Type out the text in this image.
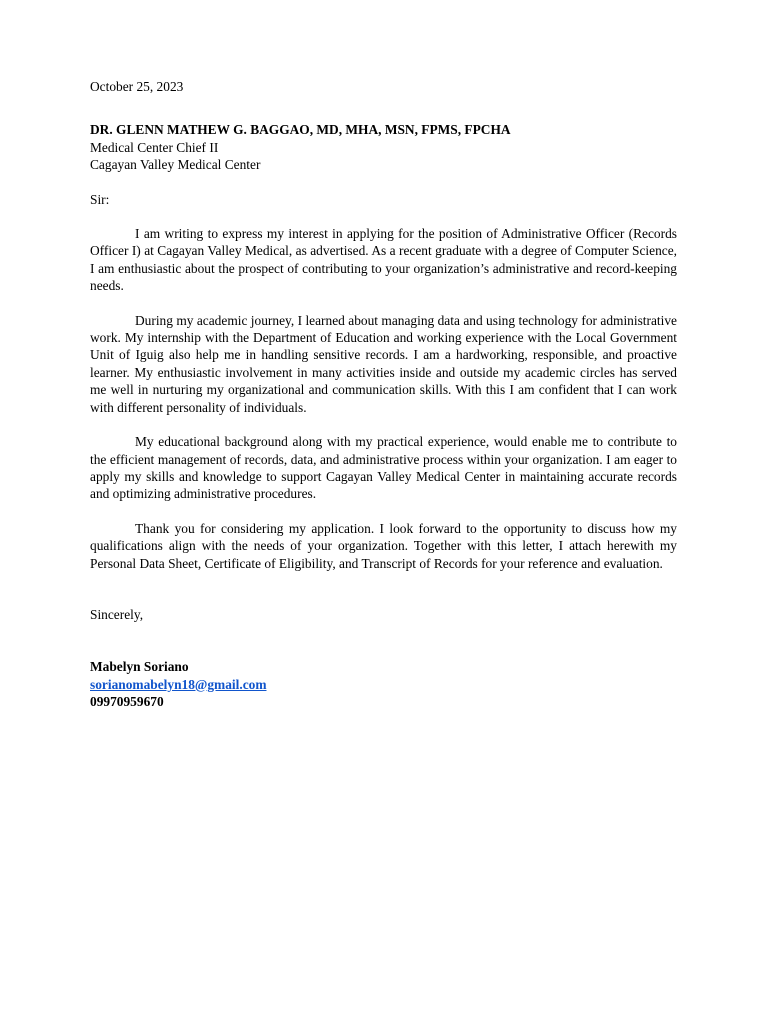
October 25, 2023
DR. GLENN MATHEW G. BAGGAO, MD, MHA, MSN, FPMS, FPCHA
Medical Center Chief II
Cagayan Valley Medical Center
Sir:

I am writing to express my interest in applying for the position of Administrative Officer (Records Officer I) at Cagayan Valley Medical, as advertised. As a recent graduate with a degree of Computer Science, I am enthusiastic about the prospect of contributing to your organization’s administrative and record-keeping needs.

During my academic journey, I learned about managing data and using technology for administrative work. My internship with the Department of Education and working experience with the Local Government Unit of Iguig also help me in handling sensitive records. I am a hardworking, responsible, and proactive learner. My enthusiastic involvement in many activities inside and outside my academic circles has served me well in nurturing my organizational and communication skills. With this I am confident that I can work with different personality of individuals.

My educational background along with my practical experience, would enable me to contribute to the efficient management of records, data, and administrative process within your organization. I am eager to apply my skills and knowledge to support Cagayan Valley Medical Center in maintaining accurate records and optimizing administrative procedures.

Thank you for considering my application. I look forward to the opportunity to discuss how my qualifications align with the needs of your organization. Together with this letter, I attach herewith my Personal Data Sheet, Certificate of Eligibility, and Transcript of Records for your reference and evaluation.

Sincerely,
Mabelyn Soriano
sorianomabelyn18@gmail.com
09970959670
